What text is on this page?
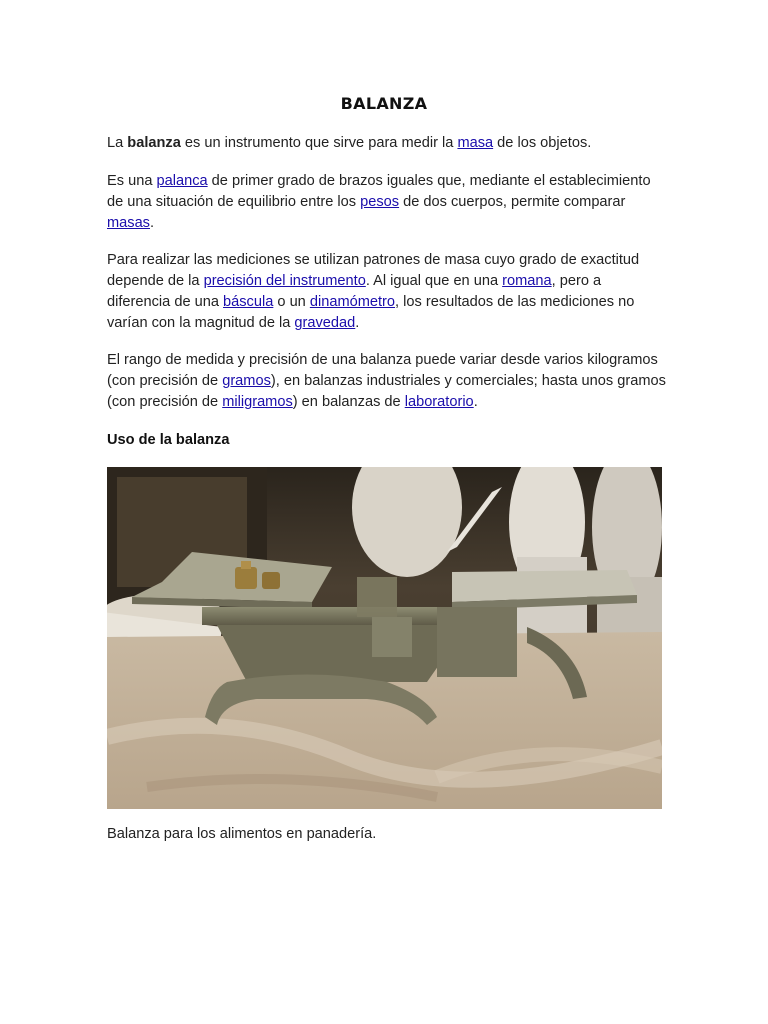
BALANZA

La balanza es un instrumento que sirve para medir la masa de los objetos.

Es una palanca de primer grado de brazos iguales que, mediante el establecimiento de una situación de equilibrio entre los pesos de dos cuerpos, permite comparar masas.

Para realizar las mediciones se utilizan patrones de masa cuyo grado de exactitud depende de la precisión del instrumento. Al igual que en una romana, pero a diferencia de una báscula o un dinamómetro, los resultados de las mediciones no varían con la magnitud de la gravedad.

El rango de medida y precisión de una balanza puede variar desde varios kilogramos (con precisión de gramos), en balanzas industriales y comerciales; hasta unos gramos (con precisión de miligramos) en balanzas de laboratorio.

Uso de la balanza

Balanza para los alimentos en panadería.
